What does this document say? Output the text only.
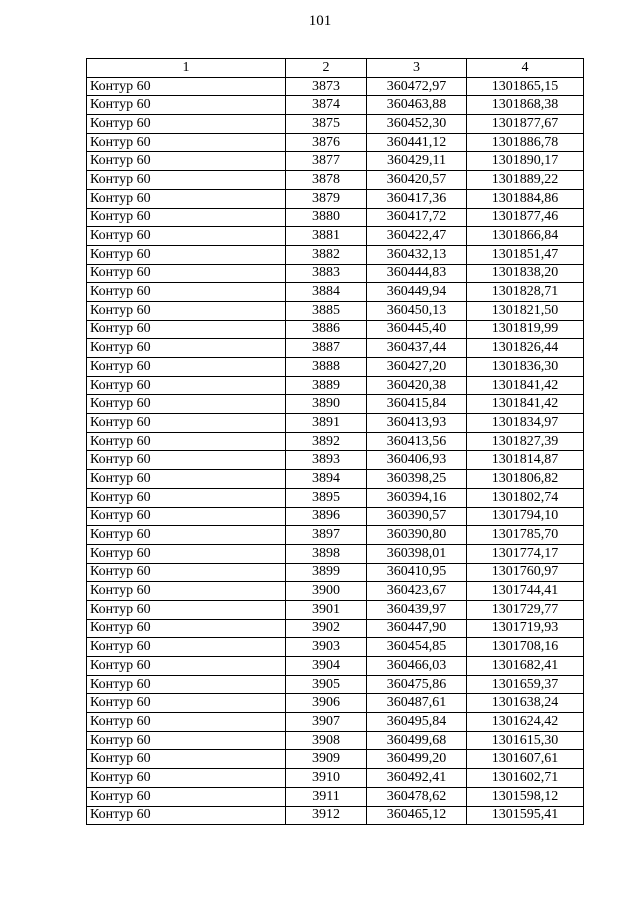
101
1	2	3	4
Контур 60	3873	360472,97	1301865,15
Контур 60	3874	360463,88	1301868,38
Контур 60	3875	360452,30	1301877,67
Контур 60	3876	360441,12	1301886,78
Контур 60	3877	360429,11	1301890,17
Контур 60	3878	360420,57	1301889,22
Контур 60	3879	360417,36	1301884,86
Контур 60	3880	360417,72	1301877,46
Контур 60	3881	360422,47	1301866,84
Контур 60	3882	360432,13	1301851,47
Контур 60	3883	360444,83	1301838,20
Контур 60	3884	360449,94	1301828,71
Контур 60	3885	360450,13	1301821,50
Контур 60	3886	360445,40	1301819,99
Контур 60	3887	360437,44	1301826,44
Контур 60	3888	360427,20	1301836,30
Контур 60	3889	360420,38	1301841,42
Контур 60	3890	360415,84	1301841,42
Контур 60	3891	360413,93	1301834,97
Контур 60	3892	360413,56	1301827,39
Контур 60	3893	360406,93	1301814,87
Контур 60	3894	360398,25	1301806,82
Контур 60	3895	360394,16	1301802,74
Контур 60	3896	360390,57	1301794,10
Контур 60	3897	360390,80	1301785,70
Контур 60	3898	360398,01	1301774,17
Контур 60	3899	360410,95	1301760,97
Контур 60	3900	360423,67	1301744,41
Контур 60	3901	360439,97	1301729,77
Контур 60	3902	360447,90	1301719,93
Контур 60	3903	360454,85	1301708,16
Контур 60	3904	360466,03	1301682,41
Контур 60	3905	360475,86	1301659,37
Контур 60	3906	360487,61	1301638,24
Контур 60	3907	360495,84	1301624,42
Контур 60	3908	360499,68	1301615,30
Контур 60	3909	360499,20	1301607,61
Контур 60	3910	360492,41	1301602,71
Контур 60	3911	360478,62	1301598,12
Контур 60	3912	360465,12	1301595,41
